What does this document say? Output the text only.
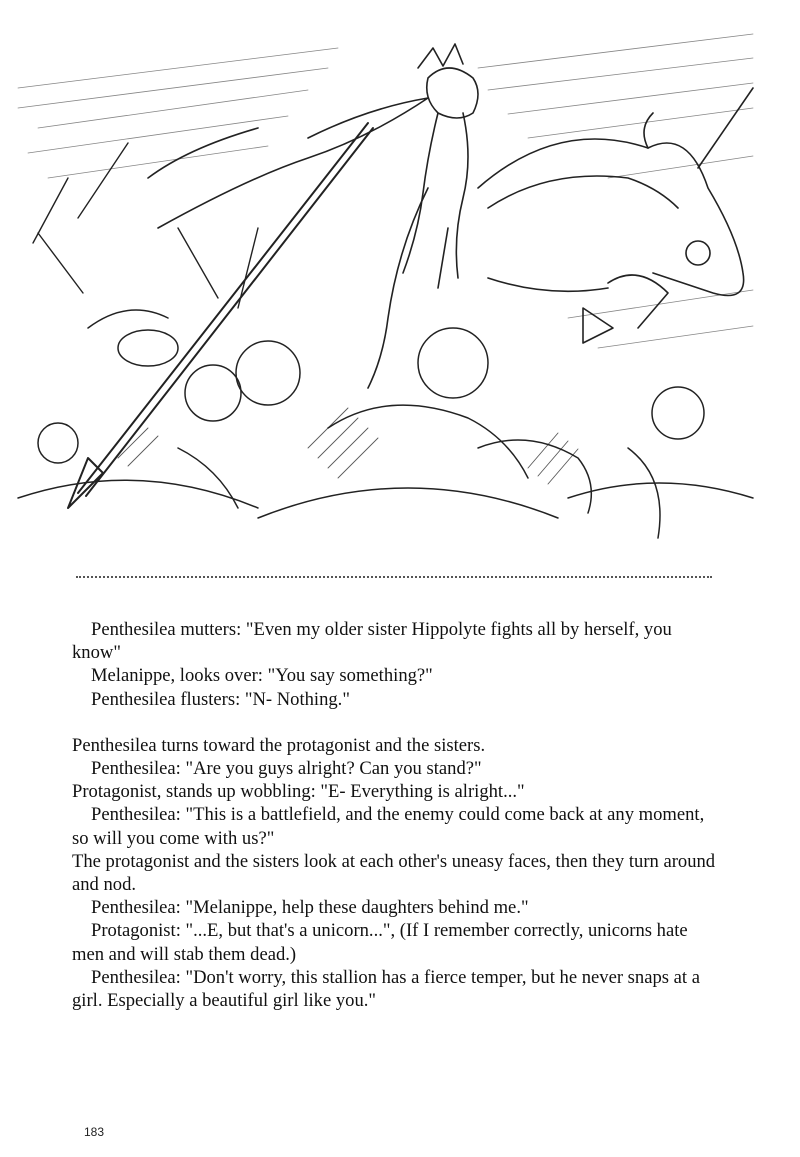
Penthesilea mutters: "Even my older sister Hippolyte fights all by herself, you know"

Melanippe, looks over: "You say something?"

Penthesilea flusters: "N- Nothing."

Penthesilea turns toward the protagonist and the sisters.

Penthesilea: "Are you guys alright? Can you stand?"

Protagonist, stands up wobbling: "E- Everything is alright..."

Penthesilea: "This is a battlefield, and the enemy could come back at any moment, so will you come with us?"

The protagonist and the sisters look at each other's uneasy faces, then they turn around and nod.

Penthesilea: "Melanippe, help these daughters behind me."

Protagonist: "...E, but that's a unicorn...", (If I remember correctly, unicorns hate men and will stab them dead.)

Penthesilea: "Don't worry, this stallion has a fierce temper, but he never snaps at a girl. Especially a beautiful girl like you."

183
